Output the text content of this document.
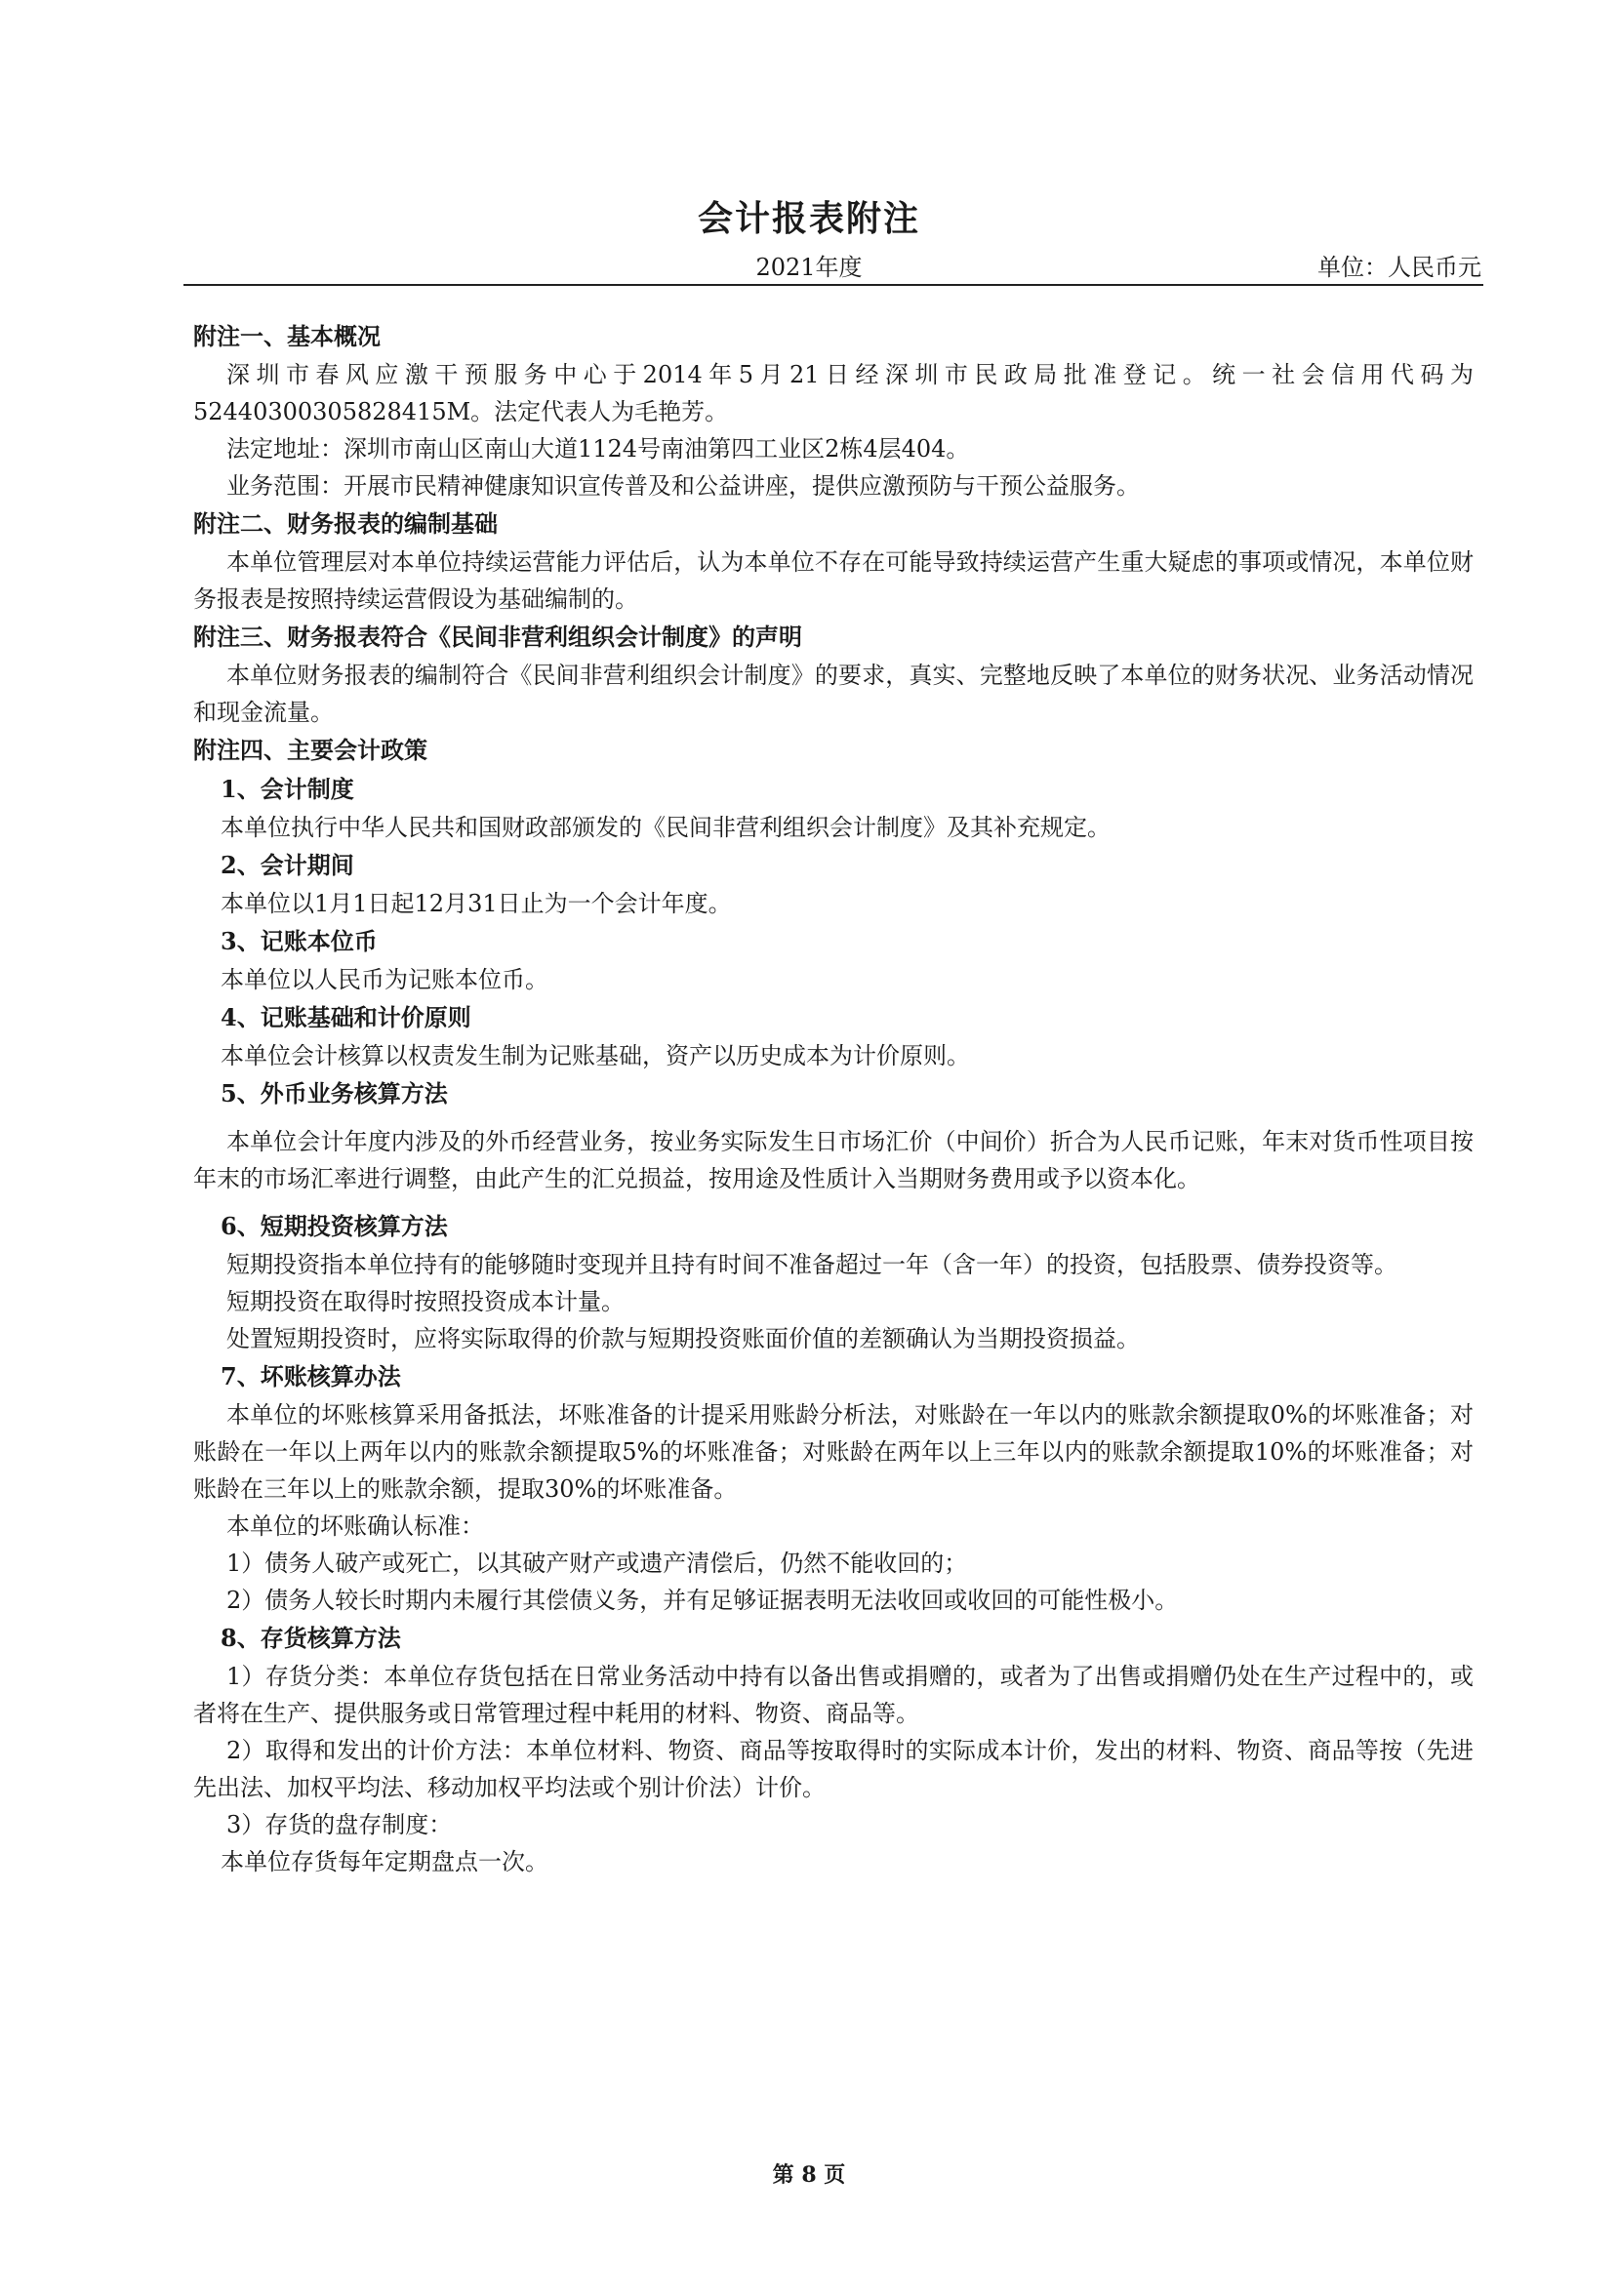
会计报表附注
2021年度	单位：人民币元

附注一、基本概况

深圳市春风应激干预服务中心于2014年5月21日经深圳市民政局批准登记。统一社会信用代码为52440300305828415M。法定代表人为毛艳芳。

法定地址：深圳市南山区南山大道1124号南油第四工业区2栋4层404。

业务范围：开展市民精神健康知识宣传普及和公益讲座，提供应激预防与干预公益服务。

附注二、财务报表的编制基础

本单位管理层对本单位持续运营能力评估后，认为本单位不存在可能导致持续运营产生重大疑虑的事项或情况，本单位财务报表是按照持续运营假设为基础编制的。

附注三、财务报表符合《民间非营利组织会计制度》的声明

本单位财务报表的编制符合《民间非营利组织会计制度》的要求，真实、完整地反映了本单位的财务状况、业务活动情况和现金流量。

附注四、主要会计政策

1、会计制度

本单位执行中华人民共和国财政部颁发的《民间非营利组织会计制度》及其补充规定。

2、会计期间

本单位以1月1日起12月31日止为一个会计年度。

3、记账本位币

本单位以人民币为记账本位币。

4、记账基础和计价原则

本单位会计核算以权责发生制为记账基础，资产以历史成本为计价原则。

5、外币业务核算方法

本单位会计年度内涉及的外币经营业务，按业务实际发生日市场汇价（中间价）折合为人民币记账，年末对货币性项目按年末的市场汇率进行调整，由此产生的汇兑损益，按用途及性质计入当期财务费用或予以资本化。

6、短期投资核算方法

短期投资指本单位持有的能够随时变现并且持有时间不准备超过一年（含一年）的投资，包括股票、债券投资等。

短期投资在取得时按照投资成本计量。

处置短期投资时，应将实际取得的价款与短期投资账面价值的差额确认为当期投资损益。

7、坏账核算办法

本单位的坏账核算采用备抵法，坏账准备的计提采用账龄分析法，对账龄在一年以内的账款余额提取0%的坏账准备；对账龄在一年以上两年以内的账款余额提取5%的坏账准备；对账龄在两年以上三年以内的账款余额提取10%的坏账准备；对账龄在三年以上的账款余额，提取30%的坏账准备。

本单位的坏账确认标准：

1）债务人破产或死亡，以其破产财产或遗产清偿后，仍然不能收回的；

2）债务人较长时期内未履行其偿债义务，并有足够证据表明无法收回或收回的可能性极小。

8、存货核算方法

1）存货分类：本单位存货包括在日常业务活动中持有以备出售或捐赠的，或者为了出售或捐赠仍处在生产过程中的，或者将在生产、提供服务或日常管理过程中耗用的材料、物资、商品等。

2）取得和发出的计价方法：本单位材料、物资、商品等按取得时的实际成本计价，发出的材料、物资、商品等按（先进先出法、加权平均法、移动加权平均法或个别计价法）计价。

3）存货的盘存制度：

本单位存货每年定期盘点一次。

第 8 页
